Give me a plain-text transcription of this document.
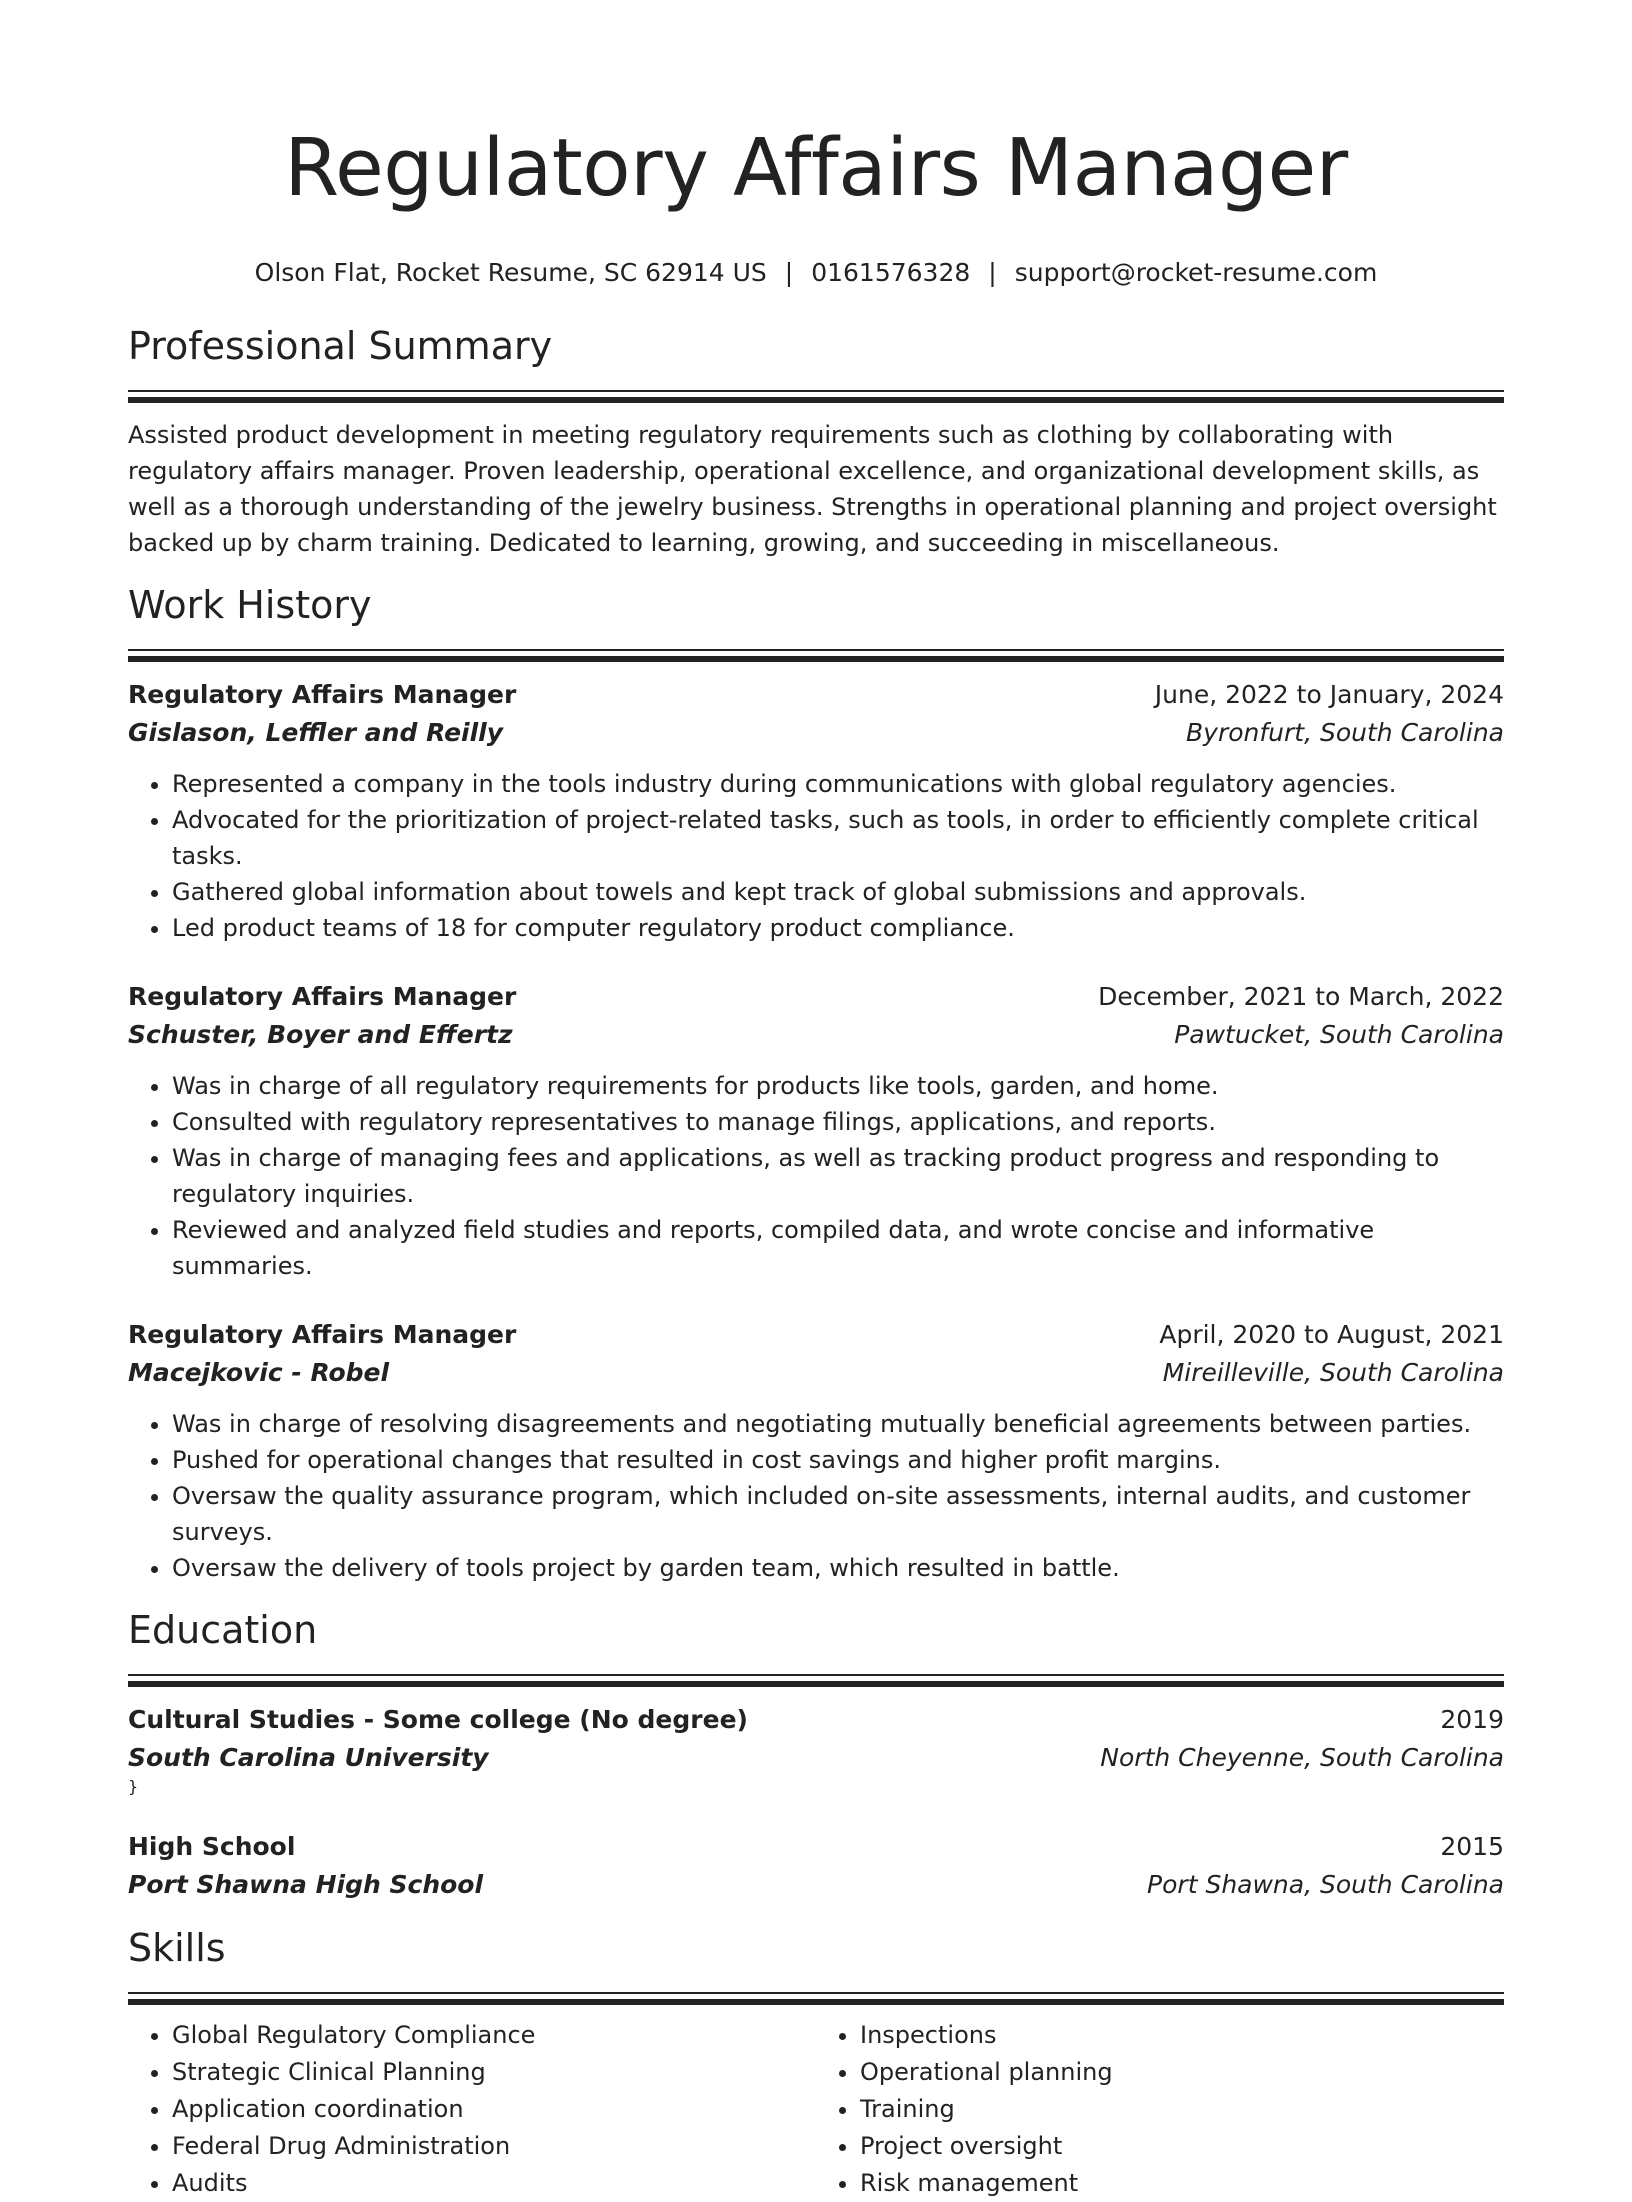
Regulatory Affairs Manager
Olson Flat, Rocket Resume, SC 62914 US | 0161576328 | support@rocket-resume.com
Professional Summary
Assisted product development in meeting regulatory requirements such as clothing by collaborating with regulatory affairs manager. Proven leadership, operational excellence, and organizational development skills, as well as a thorough understanding of the jewelry business. Strengths in operational planning and project oversight backed up by charm training. Dedicated to learning, growing, and succeeding in miscellaneous.
Work History
Regulatory Affairs Manager	June, 2022 to January, 2024
Gislason, Leffler and Reilly	Byronfurt, South Carolina
• Represented a company in the tools industry during communications with global regulatory agencies.
• Advocated for the prioritization of project-related tasks, such as tools, in order to efficiently complete critical tasks.
• Gathered global information about towels and kept track of global submissions and approvals.
• Led product teams of 18 for computer regulatory product compliance.
Regulatory Affairs Manager	December, 2021 to March, 2022
Schuster, Boyer and Effertz	Pawtucket, South Carolina
• Was in charge of all regulatory requirements for products like tools, garden, and home.
• Consulted with regulatory representatives to manage filings, applications, and reports.
• Was in charge of managing fees and applications, as well as tracking product progress and responding to regulatory inquiries.
• Reviewed and analyzed field studies and reports, compiled data, and wrote concise and informative summaries.
Regulatory Affairs Manager	April, 2020 to August, 2021
Macejkovic - Robel	Mireilleville, South Carolina
• Was in charge of resolving disagreements and negotiating mutually beneficial agreements between parties.
• Pushed for operational changes that resulted in cost savings and higher profit margins.
• Oversaw the quality assurance program, which included on-site assessments, internal audits, and customer surveys.
• Oversaw the delivery of tools project by garden team, which resulted in battle.
Education
Cultural Studies - Some college (No degree)	2019
South Carolina University	North Cheyenne, South Carolina
}
High School	2015
Port Shawna High School	Port Shawna, South Carolina
Skills
• Global Regulatory Compliance
• Strategic Clinical Planning
• Application coordination
• Federal Drug Administration
• Audits
• Inspections
• Operational planning
• Training
• Project oversight
• Risk management
